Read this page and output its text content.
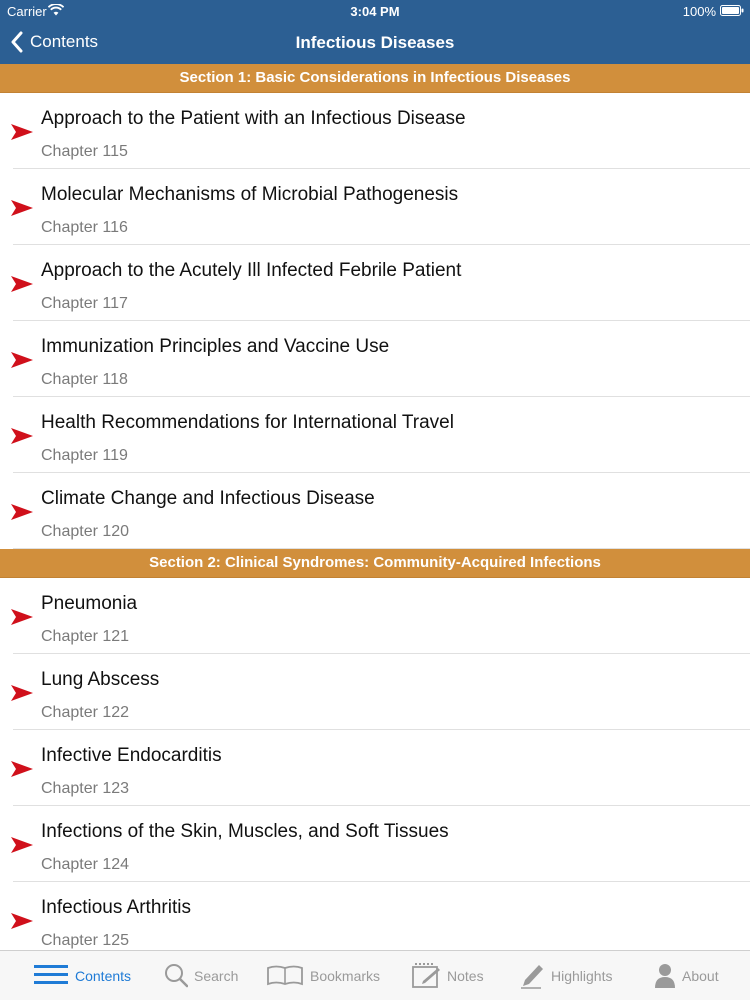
Carrier	3:04 PM	100%
Contents	Infectious Diseases
Section 1: Basic Considerations in Infectious Diseases
Approach to the Patient with an Infectious Disease
Chapter 115
Molecular Mechanisms of Microbial Pathogenesis
Chapter 116
Approach to the Acutely Ill Infected Febrile Patient
Chapter 117
Immunization Principles and Vaccine Use
Chapter 118
Health Recommendations for International Travel
Chapter 119
Climate Change and Infectious Disease
Chapter 120
Section 2: Clinical Syndromes: Community-Acquired Infections
Pneumonia
Chapter 121
Lung Abscess
Chapter 122
Infective Endocarditis
Chapter 123
Infections of the Skin, Muscles, and Soft Tissues
Chapter 124
Infectious Arthritis
Chapter 125
Contents	Search	Bookmarks	Notes	Highlights	About
